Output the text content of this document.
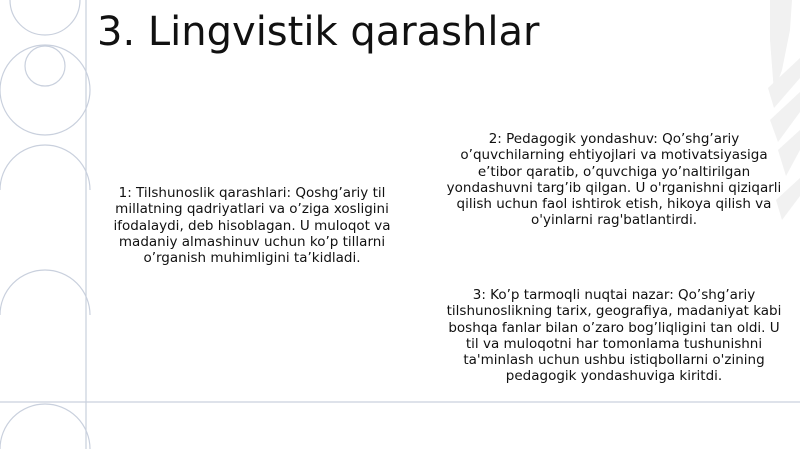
3. Lingvistik qarashlar

1: Tilshunoslik qarashlari: Qoshg’ariy til millatning qadriyatlari va o’ziga xosligini ifodalaydi, deb hisoblagan. U muloqot va madaniy almashinuv uchun ko’p tillarni o’rganish muhimligini ta’kidladi.

2: Pedagogik yondashuv: Qo’shg’ariy o’quvchilarning ehtiyojlari va motivatsiyasiga e’tibor qaratib, o’quvchiga yo’naltirilgan yondashuvni targ’ib qilgan. U o'rganishni qiziqarli qilish uchun faol ishtirok etish, hikoya qilish va o'yinlarni rag'batlantirdi.

3: Ko’p tarmoqli nuqtai nazar: Qo’shg’ariy tilshunoslikning tarix, geografiya, madaniyat kabi boshqa fanlar bilan o’zaro bog’liqligini tan oldi. U til va muloqotni har tomonlama tushunishni ta'minlash uchun ushbu istiqbollarni o'zining pedagogik yondashuviga kiritdi.
